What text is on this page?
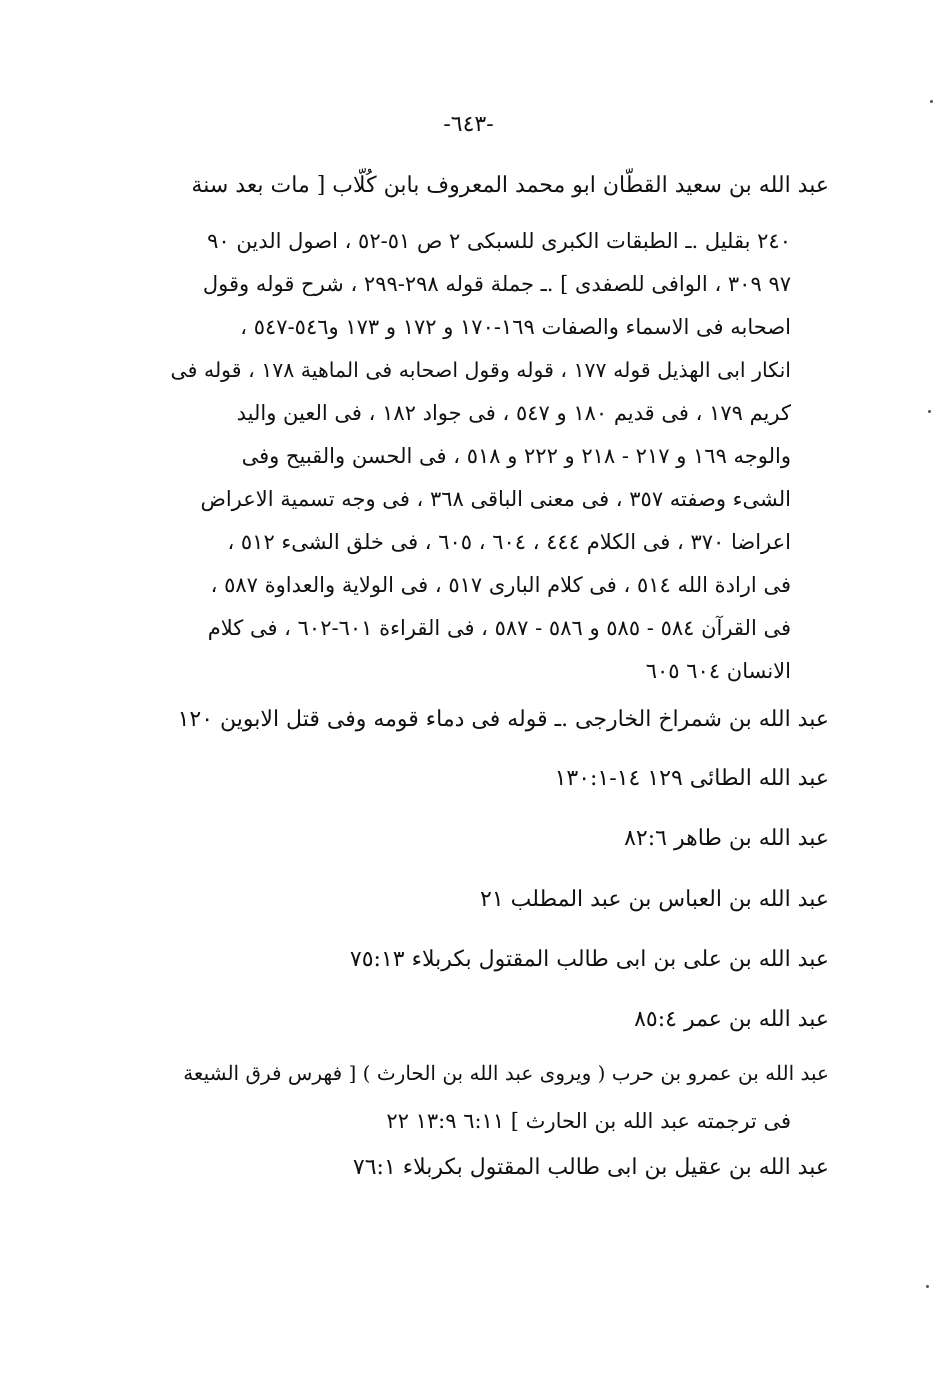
-٦٤٣-
عبد الله بن سعيد القطّان ابو محمد المعروف بابن كُلّاب [ مات بعد سنة
٢٤٠ بقليل .ـ الطبقات الكبرى للسبكى ٢ ص ٥١-٥٢ ، اصول الدين ٩٠
٩٧ ٣٠٩ ، الوافى للصفدى ] .ـ جملة قوله ٢٩٨-٢٩٩ ، شرح قوله وقول
اصحابه فى الاسماء والصفات ١٦٩-١٧٠ و ١٧٢ و ١٧٣ و٥٤٦-٥٤٧ ،
انكار ابى الهذيل قوله ١٧٧ ، قوله وقول اصحابه فى الماهية ١٧٨ ، قوله فى
كريم ١٧٩ ، فى قديم ١٨٠ و ٥٤٧ ، فى جواد ١٨٢ ، فى العين واليد
والوجه ١٦٩ و ٢١٧ - ٢١٨ و ٢٢٢ و ٥١٨ ، فى الحسن والقبيح وفى
الشىء وصفته ٣٥٧ ، فى معنى الباقى ٣٦٨ ، فى وجه تسمية الاعراض
اعراضا ٣٧٠ ، فى الكلام ٤٤٤ ، ٦٠٤ ، ٦٠٥ ، فى خلق الشىء ٥١٢ ،
فى ارادة الله ٥١٤ ، فى كلام البارى ٥١٧ ، فى الولاية والعداوة ٥٨٧ ،
فى القرآن ٥٨٤ - ٥٨٥ و ٥٨٦ - ٥٨٧ ، فى القراءة ٦٠١-٦٠٢ ، فى كلام
الانسان ٦٠٤ ٦٠٥
عبد الله بن شمراخ الخارجى .ـ قوله فى دماء قومه وفى قتل الابوين ١٢٠
عبد الله الطائى ١٢٩ ١٤-١٣٠:١
عبد الله بن طاهر ٨٢:٦
عبد الله بن العباس بن عبد المطلب ٢١
عبد الله بن على بن ابى طالب المقتول بكربلاء ٧٥:١٣
عبد الله بن عمر ٨٥:٤
عبد الله بن عمرو بن حرب ( ويروى عبد الله بن الحارث ) [ فهرس فرق الشيعة
فى ترجمته عبد الله بن الحارث ] ٦:١١ ١٣:٩ ٢٢
عبد الله بن عقيل بن ابى طالب المقتول بكربلاء ٧٦:١
